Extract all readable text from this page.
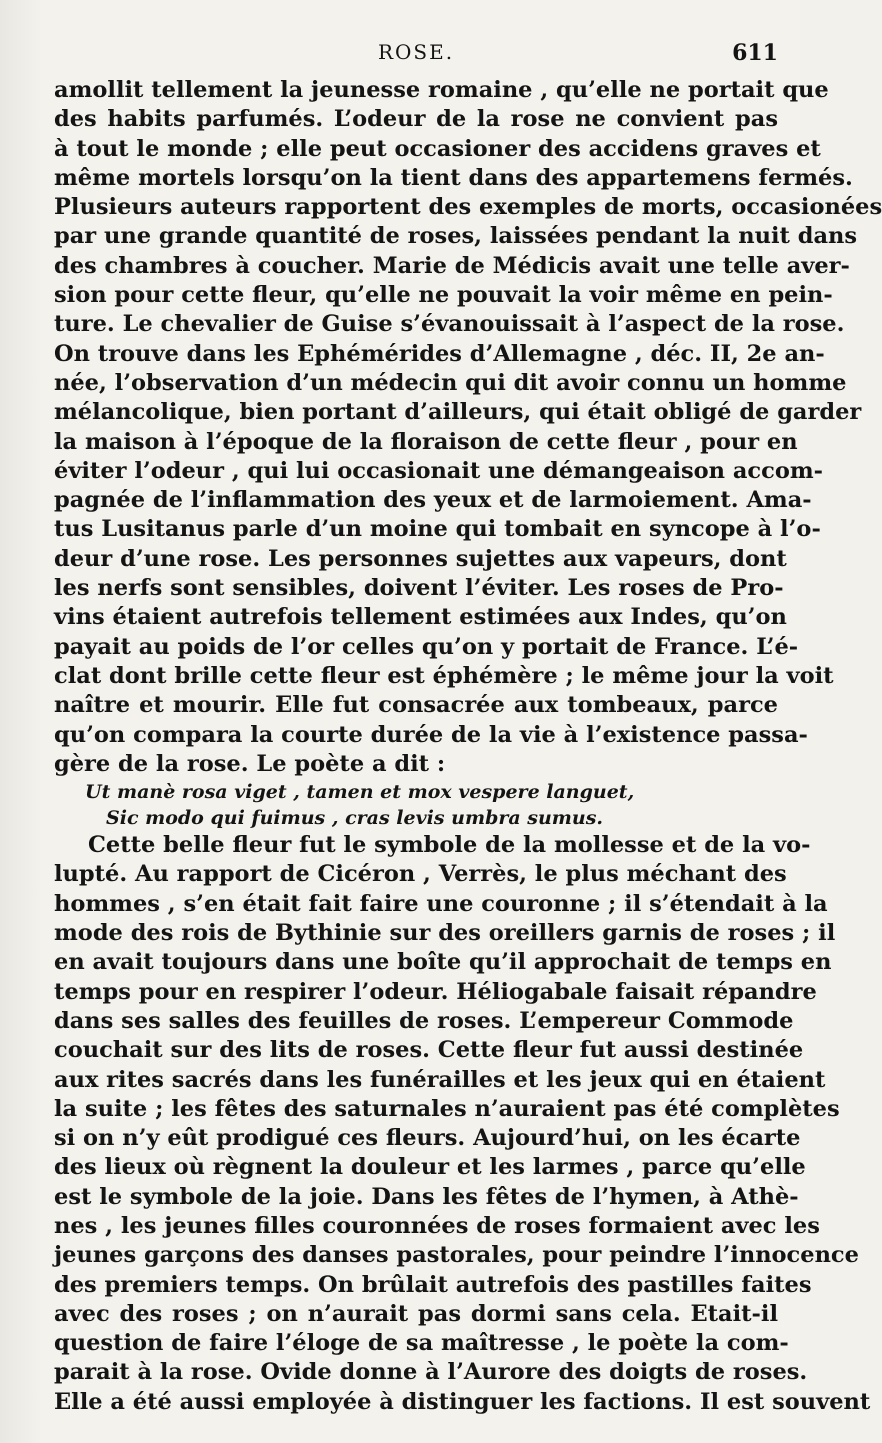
ROSE.	611
amollit tellement la jeunesse romaine , qu’elle ne portait que
des habits parfumés. L’odeur de la rose ne convient pas
à tout le monde ; elle peut occasioner des accidens graves et
même mortels lorsqu’on la tient dans des appartemens fermés.
Plusieurs auteurs rapportent des exemples de morts, occasionées
par une grande quantité de roses, laissées pendant la nuit dans
des chambres à coucher. Marie de Médicis avait une telle aver-
sion pour cette fleur, qu’elle ne pouvait la voir même en pein-
ture. Le chevalier de Guise s’évanouissait à l’aspect de la rose.
On trouve dans les Ephémérides d’Allemagne , déc. II, 2e an-
née, l’observation d’un médecin qui dit avoir connu un homme
mélancolique, bien portant d’ailleurs, qui était obligé de garder
la maison à l’époque de la floraison de cette fleur , pour en
éviter l’odeur , qui lui occasionait une démangeaison accom-
pagnée de l’inflammation des yeux et de larmoiement. Ama-
tus Lusitanus parle d’un moine qui tombait en syncope à l’o-
deur d’une rose. Les personnes sujettes aux vapeurs, dont
les nerfs sont sensibles, doivent l’éviter. Les roses de Pro-
vins étaient autrefois tellement estimées aux Indes, qu’on
payait au poids de l’or celles qu’on y portait de France. L’é-
clat dont brille cette fleur est éphémère ; le même jour la voit
naître et mourir. Elle fut consacrée aux tombeaux, parce
qu’on compara la courte durée de la vie à l’existence passa-
gère de la rose. Le poète a dit :
Ut manè rosa viget , tamen et mox vespere languet,
Sic modo qui fuimus , cras levis umbra sumus.
Cette belle fleur fut le symbole de la mollesse et de la vo-
lupté. Au rapport de Cicéron , Verrès, le plus méchant des
hommes , s’en était fait faire une couronne ; il s’étendait à la
mode des rois de Bythinie sur des oreillers garnis de roses ; il
en avait toujours dans une boîte qu’il approchait de temps en
temps pour en respirer l’odeur. Héliogabale faisait répandre
dans ses salles des feuilles de roses. L’empereur Commode
couchait sur des lits de roses. Cette fleur fut aussi destinée
aux rites sacrés dans les funérailles et les jeux qui en étaient
la suite ; les fêtes des saturnales n’auraient pas été complètes
si on n’y eût prodigué ces fleurs. Aujourd’hui, on les écarte
des lieux où règnent la douleur et les larmes , parce qu’elle
est le symbole de la joie. Dans les fêtes de l’hymen, à Athè-
nes , les jeunes filles couronnées de roses formaient avec les
jeunes garçons des danses pastorales, pour peindre l’innocence
des premiers temps. On brûlait autrefois des pastilles faites
avec des roses ; on n’aurait pas dormi sans cela. Etait-il
question de faire l’éloge de sa maîtresse , le poète la com-
parait à la rose. Ovide donne à l’Aurore des doigts de roses.
Elle a été aussi employée à distinguer les factions. Il est souvent
